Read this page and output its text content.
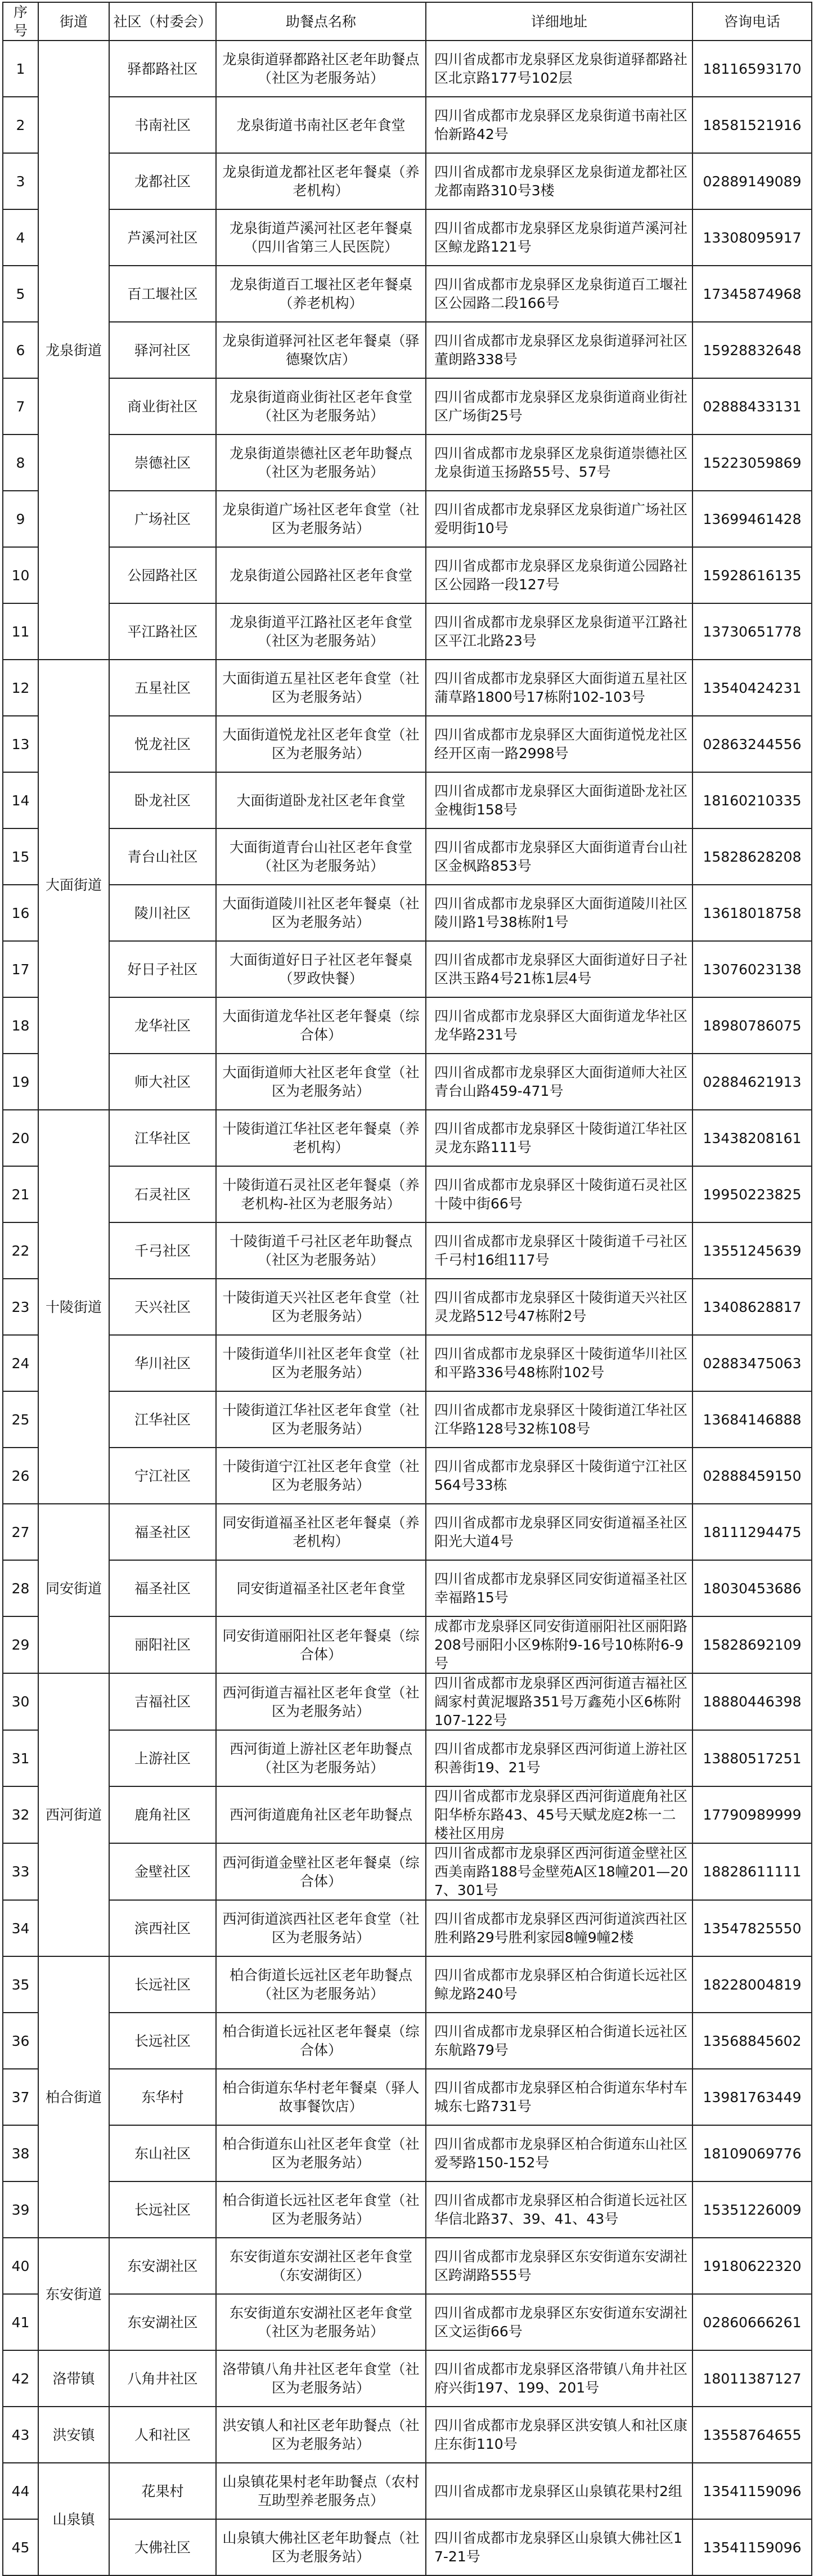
序号	街道	社区（村委会）	助餐点名称	详细地址	咨询电话
1	龙泉街道	驿都路社区	龙泉街道驿都路社区老年助餐点（社区为老服务站）	四川省成都市龙泉驿区龙泉街道驿都路社区北京路177号102层	18116593170
2		书南社区	龙泉街道书南社区老年食堂	四川省成都市龙泉驿区龙泉街道书南社区怡新路42号	18581521916
3		龙都社区	龙泉街道龙都社区老年餐桌（养老机构）	四川省成都市龙泉驿区龙泉街道龙都社区龙都南路310号3楼	02889149089
4		芦溪河社区	龙泉街道芦溪河社区老年餐桌（四川省第三人民医院）	四川省成都市龙泉驿区龙泉街道芦溪河社区鲸龙路121号	13308095917
5		百工堰社区	龙泉街道百工堰社区老年餐桌（养老机构）	四川省成都市龙泉驿区龙泉街道百工堰社区公园路二段166号	17345874968
6		驿河社区	龙泉街道驿河社区老年餐桌（驿德聚饮店）	四川省成都市龙泉驿区龙泉街道驿河社区董朗路338号	15928832648
7		商业街社区	龙泉街道商业街社区老年食堂（社区为老服务站）	四川省成都市龙泉驿区龙泉街道商业街社区广场街25号	02888433131
8		崇德社区	龙泉街道崇德社区老年助餐点（社区为老服务站）	四川省成都市龙泉驿区龙泉街道崇德社区龙泉街道玉扬路55号、57号	15223059869
9		广场社区	龙泉街道广场社区老年食堂（社区为老服务站）	四川省成都市龙泉驿区龙泉街道广场社区爱明街10号	13699461428
10		公园路社区	龙泉街道公园路社区老年食堂	四川省成都市龙泉驿区龙泉街道公园路社区公园路一段127号	15928616135
11		平江路社区	龙泉街道平江路社区老年食堂（社区为老服务站）	四川省成都市龙泉驿区龙泉街道平江路社区平江北路23号	13730651778
12	大面街道	五星社区	大面街道五星社区老年食堂（社区为老服务站）	四川省成都市龙泉驿区大面街道五星社区蒲草路1800号17栋附102-103号	13540424231
13		悦龙社区	大面街道悦龙社区老年食堂（社区为老服务站）	四川省成都市龙泉驿区大面街道悦龙社区经开区南一路2998号	02863244556
14		卧龙社区	大面街道卧龙社区老年食堂	四川省成都市龙泉驿区大面街道卧龙社区金槐街158号	18160210335
15		青台山社区	大面街道青台山社区老年食堂（社区为老服务站）	四川省成都市龙泉驿区大面街道青台山社区金枫路853号	15828628208
16		陵川社区	大面街道陵川社区老年餐桌（社区为老服务站）	四川省成都市龙泉驿区大面街道陵川社区陵川路1号38栋附1号	13618018758
17		好日子社区	大面街道好日子社区老年餐桌（罗政快餐）	四川省成都市龙泉驿区大面街道好日子社区洪玉路4号21栋1层4号	13076023138
18		龙华社区	大面街道龙华社区老年餐桌（综合体）	四川省成都市龙泉驿区大面街道龙华社区龙华路231号	18980786075
19		师大社区	大面街道师大社区老年食堂（社区为老服务站）	四川省成都市龙泉驿区大面街道师大社区青台山路459-471号	02884621913
20	十陵街道	江华社区	十陵街道江华社区老年餐桌（养老机构）	四川省成都市龙泉驿区十陵街道江华社区灵龙东路111号	13438208161
21		石灵社区	十陵街道石灵社区老年餐桌（养老机构-社区为老服务站）	四川省成都市龙泉驿区十陵街道石灵社区十陵中街66号	19950223825
22		千弓社区	十陵街道千弓社区老年助餐点（社区为老服务站）	四川省成都市龙泉驿区十陵街道千弓社区千弓村16组117号	13551245639
23		天兴社区	十陵街道天兴社区老年食堂（社区为老服务站）	四川省成都市龙泉驿区十陵街道天兴社区灵龙路512号47栋附2号	13408628817
24		华川社区	十陵街道华川社区老年食堂（社区为老服务站）	四川省成都市龙泉驿区十陵街道华川社区和平路336号48栋附102号	02883475063
25		江华社区	十陵街道江华社区老年食堂（社区为老服务站）	四川省成都市龙泉驿区十陵街道江华社区江华路128号32栋108号	13684146888
26		宁江社区	十陵街道宁江社区老年食堂（社区为老服务站）	四川省成都市龙泉驿区十陵街道宁江社区564号33栋	02888459150
27	同安街道	福圣社区	同安街道福圣社区老年餐桌（养老机构）	四川省成都市龙泉驿区同安街道福圣社区阳光大道4号	18111294475
28		福圣社区	同安街道福圣社区老年食堂	四川省成都市龙泉驿区同安街道福圣社区幸福路15号	18030453686
29		丽阳社区	同安街道丽阳社区老年餐桌（综合体）	成都市龙泉驿区同安街道丽阳社区丽阳路208号丽阳小区9栋附9-16号10栋附6-9号	15828692109
30	西河街道	吉福社区	西河街道吉福社区老年食堂（社区为老服务站）	四川省成都市龙泉驿区西河街道吉福社区阔家村黄泥堰路351号万鑫苑小区6栋附107-122号	18880446398
31		上游社区	西河街道上游社区老年助餐点（社区为老服务站）	四川省成都市龙泉驿区西河街道上游社区积善街19、21号	13880517251
32		鹿角社区	西河街道鹿角社区老年助餐点	四川省成都市龙泉驿区西河街道鹿角社区阳华桥东路43、45号天赋龙庭2栋一二楼社区用房	17790989999
33		金壁社区	西河街道金壁社区老年餐桌（综合体）	四川省成都市龙泉驿区西河街道金壁社区西美南路188号金壁苑A区18幢201—207、301号	18828611111
34		滨西社区	西河街道滨西社区老年食堂（社区为老服务站）	四川省成都市龙泉驿区西河街道滨西社区胜利路29号胜利家园8幢9幢2楼	13547825550
35	柏合街道	长远社区	柏合街道长远社区老年助餐点（社区为老服务站）	四川省成都市龙泉驿区柏合街道长远社区鲸龙路240号	18228004819
36		长远社区	柏合街道长远社区老年餐桌（综合体）	四川省成都市龙泉驿区柏合街道长远社区东航路79号	13568845602
37		东华村	柏合街道东华村老年餐桌（驿人故事餐饮店）	四川省成都市龙泉驿区柏合街道东华村车城东七路731号	13981763449
38		东山社区	柏合街道东山社区老年食堂（社区为老服务站）	四川省成都市龙泉驿区柏合街道东山社区爱琴路150-152号	18109069776
39		长远社区	柏合街道长远社区老年食堂（社区为老服务站）	四川省成都市龙泉驿区柏合街道长远社区华信北路37、39、41、43号	15351226009
40	东安街道	东安湖社区	东安街道东安湖社区老年食堂（东安湖街区）	四川省成都市龙泉驿区东安街道东安湖社区跨湖路555号	19180622320
41		东安湖社区	东安街道东安湖社区老年食堂（社区为老服务站）	四川省成都市龙泉驿区东安街道东安湖社区文运街66号	02860666261
42	洛带镇	八角井社区	洛带镇八角井社区老年食堂（社区为老服务站）	四川省成都市龙泉驿区洛带镇八角井社区府兴街197、199、201号	18011387127
43	洪安镇	人和社区	洪安镇人和社区老年助餐点（社区为老服务站）	四川省成都市龙泉驿区洪安镇人和社区康庄东街110号	13558764655
44	山泉镇	花果村	山泉镇花果村老年助餐点（农村互助型养老服务点）	四川省成都市龙泉驿区山泉镇花果村2组	13541159096
45		大佛社区	山泉镇大佛社区老年助餐点（社区为老服务站）	四川省成都市龙泉驿区山泉镇大佛社区17-21号	13541159096
